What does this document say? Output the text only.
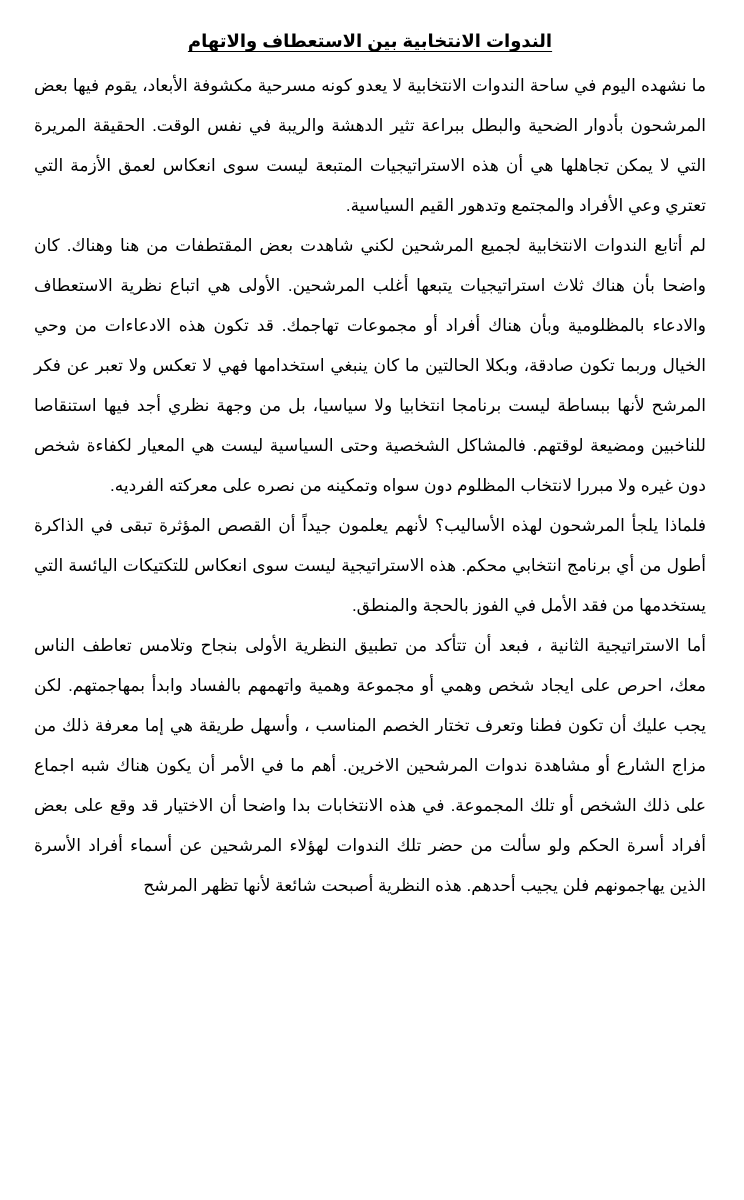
الندوات الانتخابية بين الاستعطاف والاتهام

ما نشهده اليوم في ساحة الندوات الانتخابية لا يعدو كونه مسرحية مكشوفة الأبعاد، يقوم فيها بعض المرشحون بأدوار الضحية والبطل ببراعة تثير الدهشة والريبة في نفس الوقت. الحقيقة المريرة التي لا يمكن تجاهلها هي أن هذه الاستراتيجيات المتبعة ليست سوى انعكاس لعمق الأزمة التي تعتري وعي الأفراد والمجتمع وتدهور القيم السياسية.

لم أتابع الندوات الانتخابية لجميع المرشحين لكني شاهدت بعض المقتطفات من هنا وهناك. كان واضحا بأن هناك ثلاث استراتيجيات يتبعها أغلب المرشحين. الأولى هي اتباع نظرية الاستعطاف والادعاء بالمظلومية وبأن هناك أفراد أو مجموعات تهاجمك. قد تكون هذه الادعاءات من وحي الخيال وربما تكون صادقة، وبكلا الحالتين ما كان ينبغي استخدامها فهي لا تعكس ولا تعبر عن فكر المرشح لأنها ببساطة ليست برنامجا انتخابيا ولا سياسيا، بل من وجهة نظري أجد فيها استنقاصا للناخبين ومضيعة لوقتهم. فالمشاكل الشخصية وحتى السياسية ليست هي المعيار لكفاءة شخص دون غيره ولا مبررا لانتخاب المظلوم دون سواه وتمكينه من نصره على معركته الفرديه.

فلماذا يلجأ المرشحون لهذه الأساليب؟ لأنهم يعلمون جيداً أن القصص المؤثرة تبقى في الذاكرة أطول من أي برنامج انتخابي محكم. هذه الاستراتيجية ليست سوى انعكاس للتكتيكات اليائسة التي يستخدمها من فقد الأمل في الفوز بالحجة والمنطق.

أما الاستراتيجية الثانية ، فبعد أن تتأكد من تطبيق النظرية الأولى بنجاح وتلامس تعاطف الناس معك، احرص على ايجاد شخص وهمي أو مجموعة وهمية واتهمهم بالفساد وابدأ بمهاجمتهم. لكن يجب عليك أن تكون فطنا وتعرف تختار الخصم المناسب ، وأسهل طريقة هي إما معرفة ذلك من مزاج الشارع أو مشاهدة ندوات المرشحين الاخرين. أهم ما في الأمر أن يكون هناك شبه اجماع على ذلك الشخص أو تلك المجموعة. في هذه الانتخابات بدا واضحا أن الاختيار قد وقع على بعض أفراد أسرة الحكم ولو سألت من حضر تلك الندوات لهؤلاء المرشحين عن أسماء أفراد الأسرة الذين يهاجمونهم فلن يجيب أحدهم. هذه النظرية أصبحت شائعة لأنها تظهر المرشح
